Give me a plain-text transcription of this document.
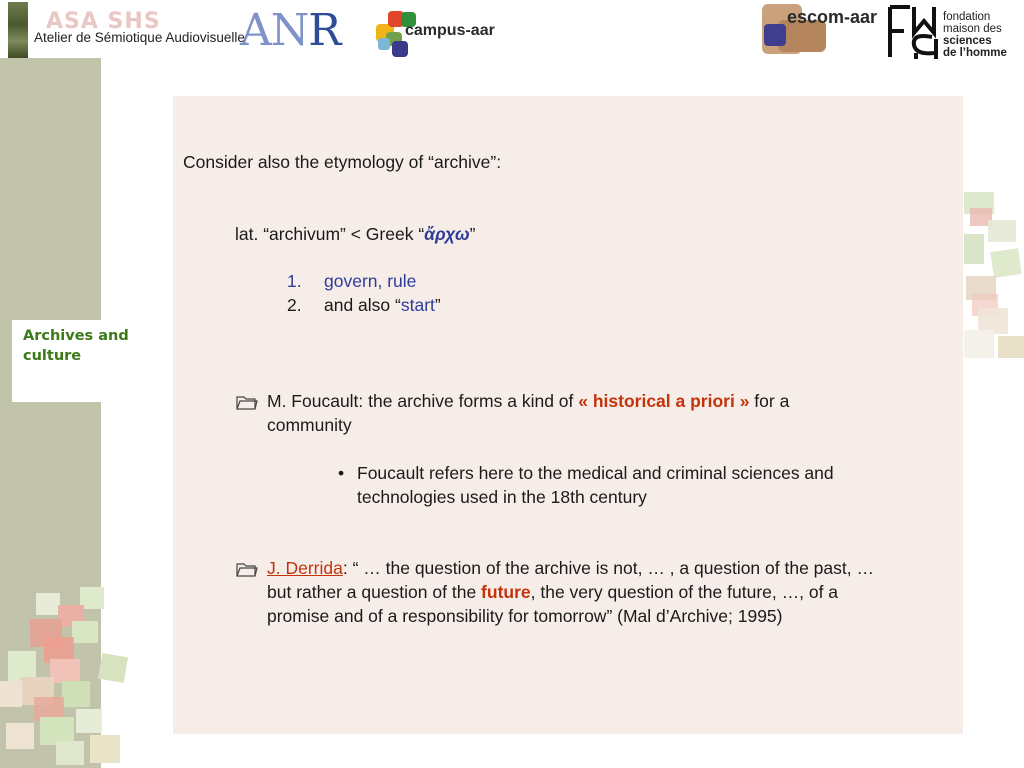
Archives and culture
ASA SHS
Atelier de Sémiotique Audiovisuelle
ANR	campus-aar
escom-aar	fondation
maison des
sciences
de l’homme
Consider also the etymology of “archive”:
lat. “archivum” < Greek “ἄρχω”
1. govern, rule
2. and also “start”
M. Foucault: the archive forms a kind of « historical a priori » for a
community
• Foucault refers here to the medical and criminal sciences and
technologies used in the 18th century
J. Derrida: “ … the question of the archive is not, … , a question of the past, …
but rather a question of the future, the very question of the future, …, of a
promise and of a responsibility for tomorrow” (Mal d’Archive; 1995)
